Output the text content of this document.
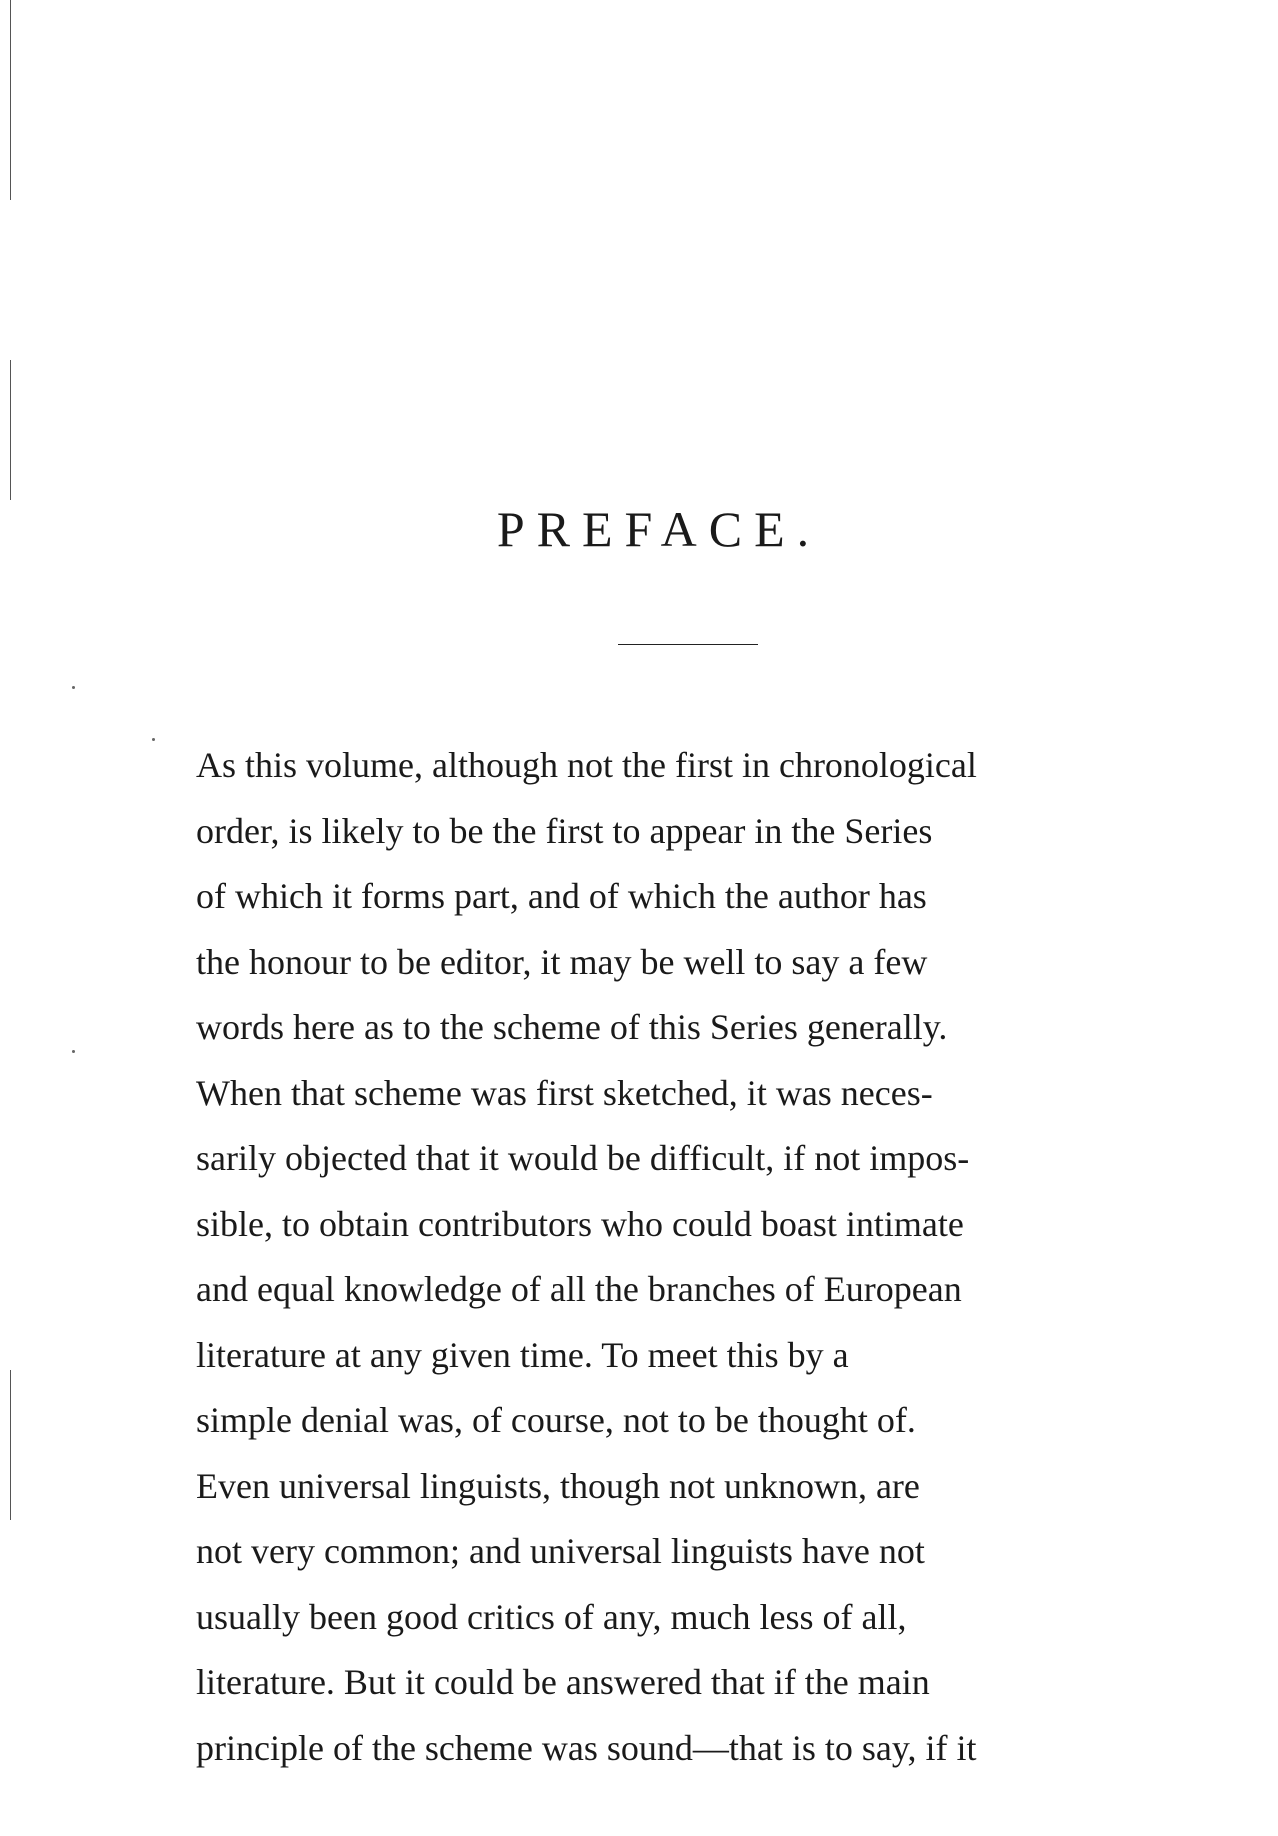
PREFACE.
As this volume, although not the first in chronological
order, is likely to be the first to appear in the Series
of which it forms part, and of which the author has
the honour to be editor, it may be well to say a few
words here as to the scheme of this Series generally.
When that scheme was first sketched, it was neces-
sarily objected that it would be difficult, if not impos-
sible, to obtain contributors who could boast intimate
and equal knowledge of all the branches of European
literature at any given time. To meet this by a
simple denial was, of course, not to be thought of.
Even universal linguists, though not unknown, are
not very common; and universal linguists have not
usually been good critics of any, much less of all,
literature. But it could be answered that if the main
principle of the scheme was sound—that is to say, if it
